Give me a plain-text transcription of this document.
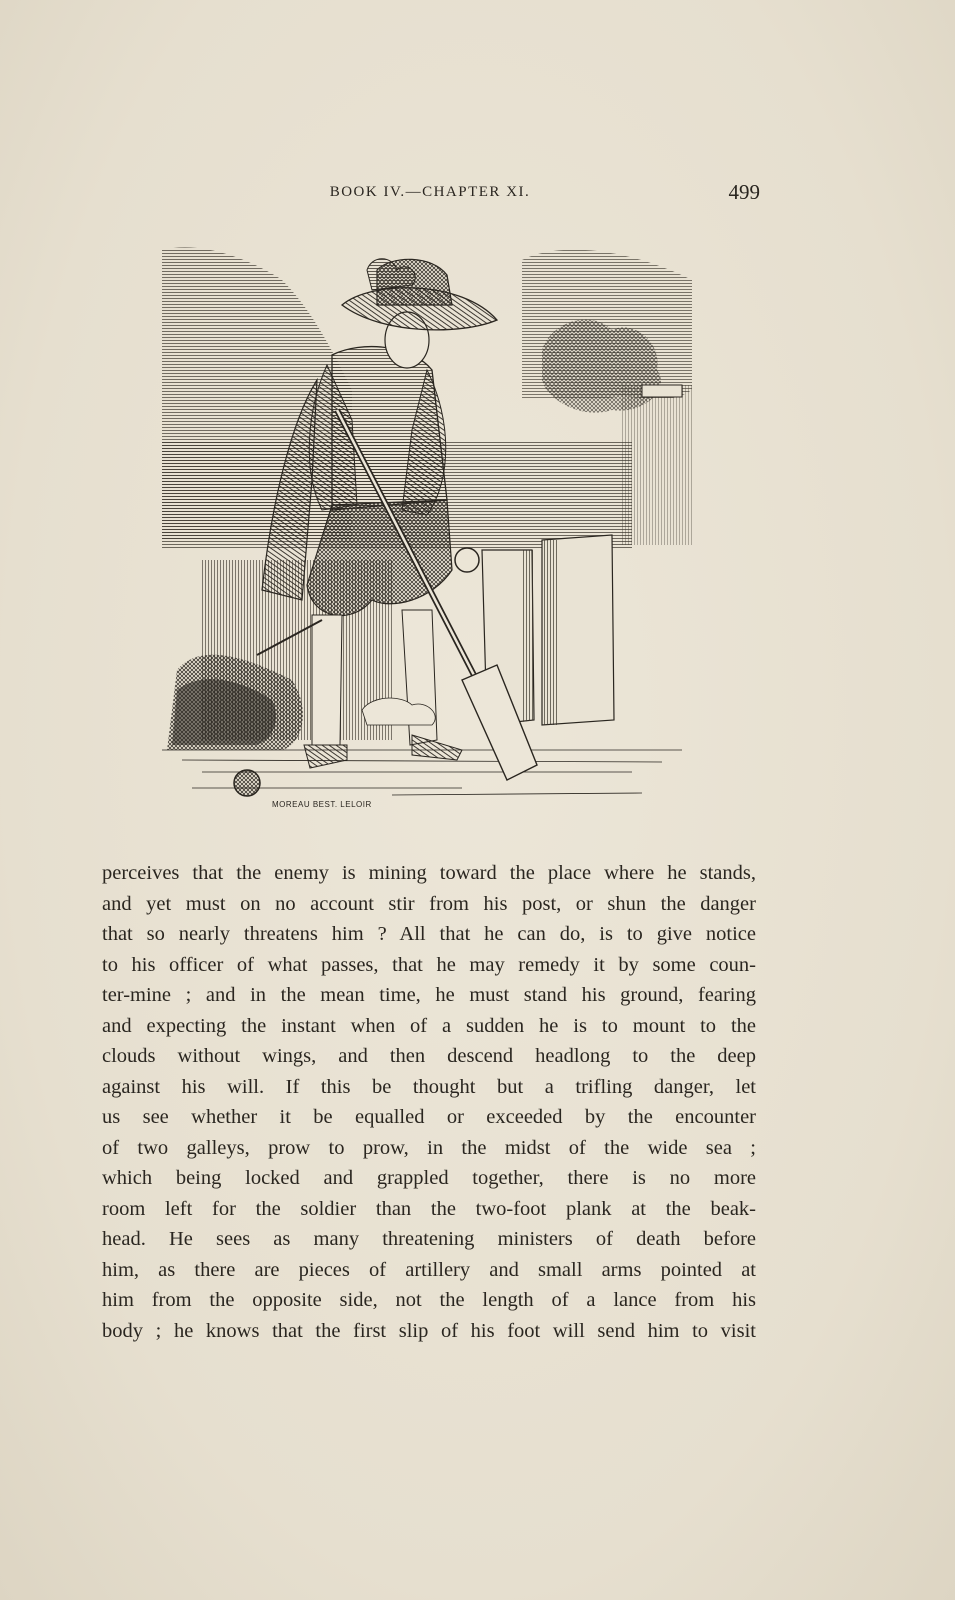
BOOK IV.—CHAPTER XI.	499
MOREAU BEST. LELOIR
perceives that the enemy is mining toward the place where he stands,
and yet must on no account stir from his post, or shun the danger
that so nearly threatens him ? All that he can do, is to give notice
to his officer of what passes, that he may remedy it by some coun-
ter-mine ; and in the mean time, he must stand his ground, fearing
and expecting the instant when of a sudden he is to mount to the
clouds without wings, and then descend headlong to the deep
against his will. If this be thought but a trifling danger, let
us see whether it be equalled or exceeded by the encounter
of two galleys, prow to prow, in the midst of the wide sea ;
which being locked and grappled together, there is no more
room left for the soldier than the two-foot plank at the beak-
head. He sees as many threatening ministers of death before
him, as there are pieces of artillery and small arms pointed at
him from the opposite side, not the length of a lance from his
body ; he knows that the first slip of his foot will send him to visit
